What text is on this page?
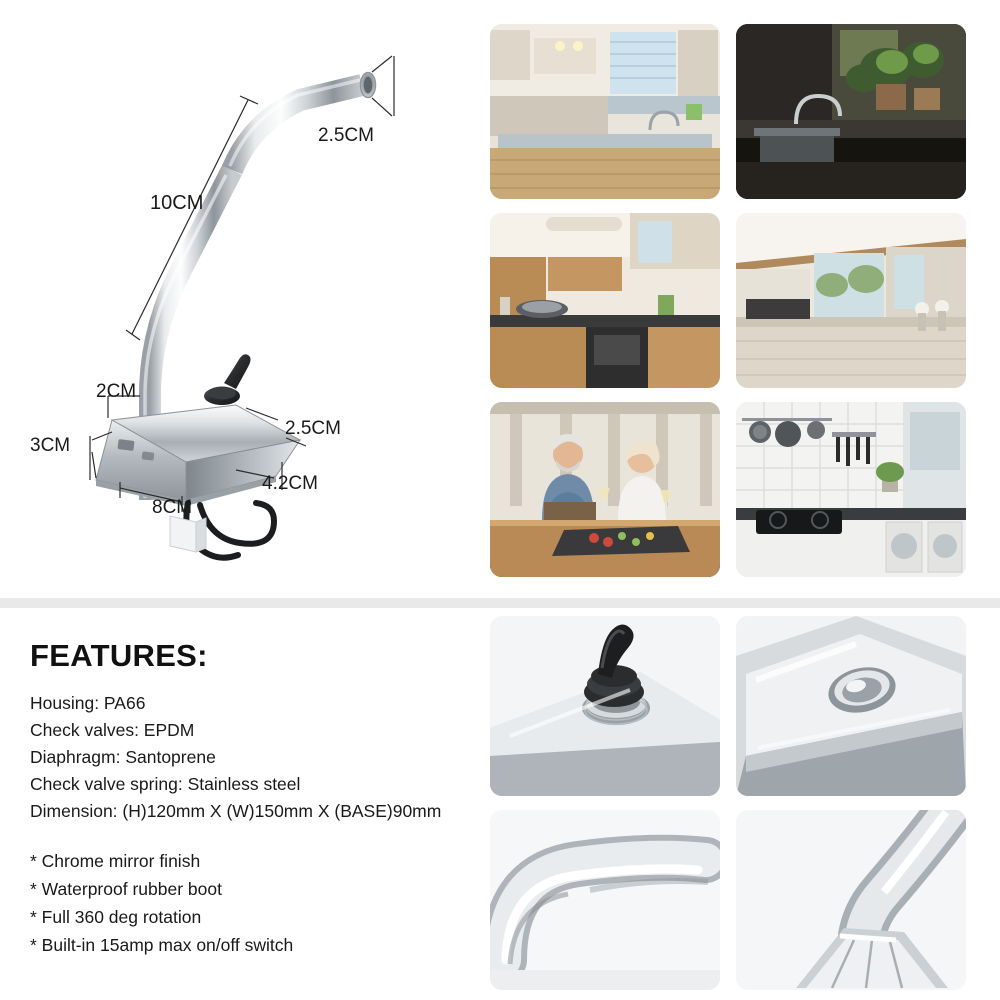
2.5CM
10CM
2CM
3CM
2.5CM
4.2CM
8CM
FEATURES:
Housing: PA66
Check valves: EPDM
Diaphragm: Santoprene
Check valve spring: Stainless steel
Dimension: (H)120mm X (W)150mm X (BASE)90mm
* Chrome mirror finish
* Waterproof rubber boot
* Full 360 deg rotation
* Built-in 15amp max on/off switch
